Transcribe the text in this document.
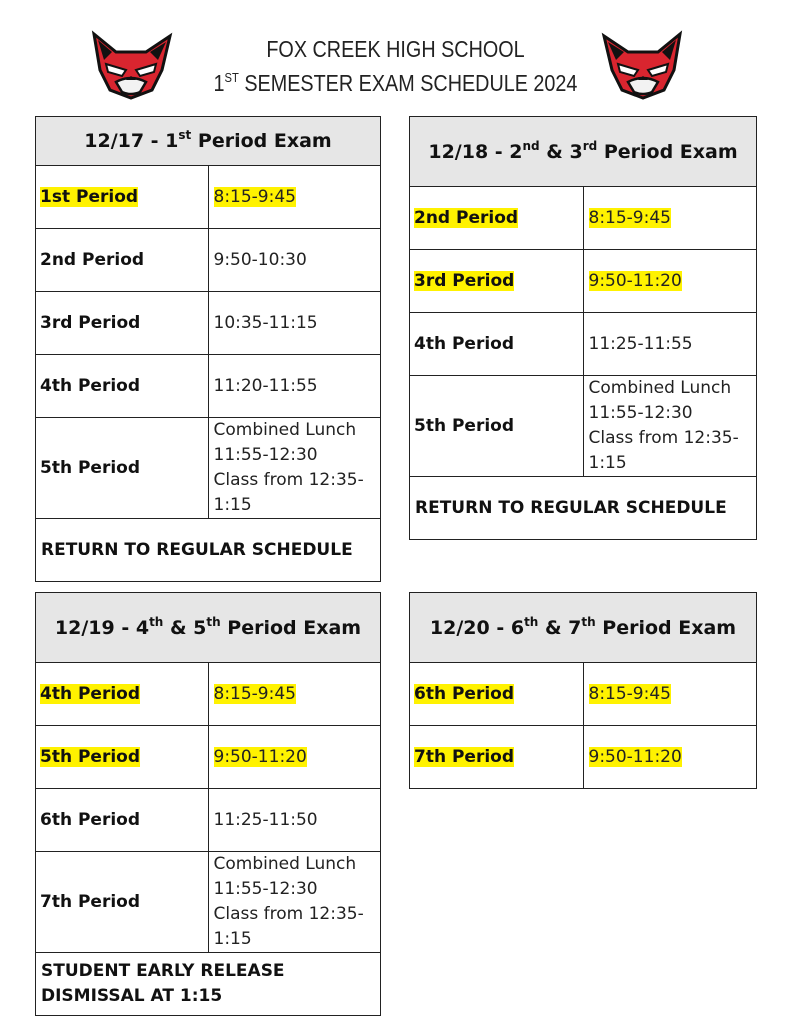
FOX CREEK HIGH SCHOOL
1ST SEMESTER EXAM SCHEDULE 2024
12/17 - 1st Period Exam	
1st Period	8:15-9:45
2nd Period	9:50-10:30
3rd Period	10:35-11:15
4th Period	11:20-11:55
5th Period	Combined Lunch
11:55-12:30
Class from 12:35-1:15

RETURN TO REGULAR SCHEDULE	
12/18 - 2nd & 3rd Period Exam	
2nd Period	8:15-9:45
3rd Period	9:50-11:20
4th Period	11:25-11:55
5th Period	Combined Lunch
11:55-12:30
Class from 12:35-1:15

RETURN TO REGULAR SCHEDULE	
12/19 - 4th & 5th Period Exam	
4th Period	8:15-9:45
5th Period	9:50-11:20
6th Period	11:25-11:50
7th Period	Combined Lunch
11:55-12:30
Class from 12:35-1:15

STUDENT EARLY RELEASE DISMISSAL AT 1:15	
12/20 - 6th & 7th Period Exam	
6th Period	8:15-9:45
7th Period	9:50-11:20
